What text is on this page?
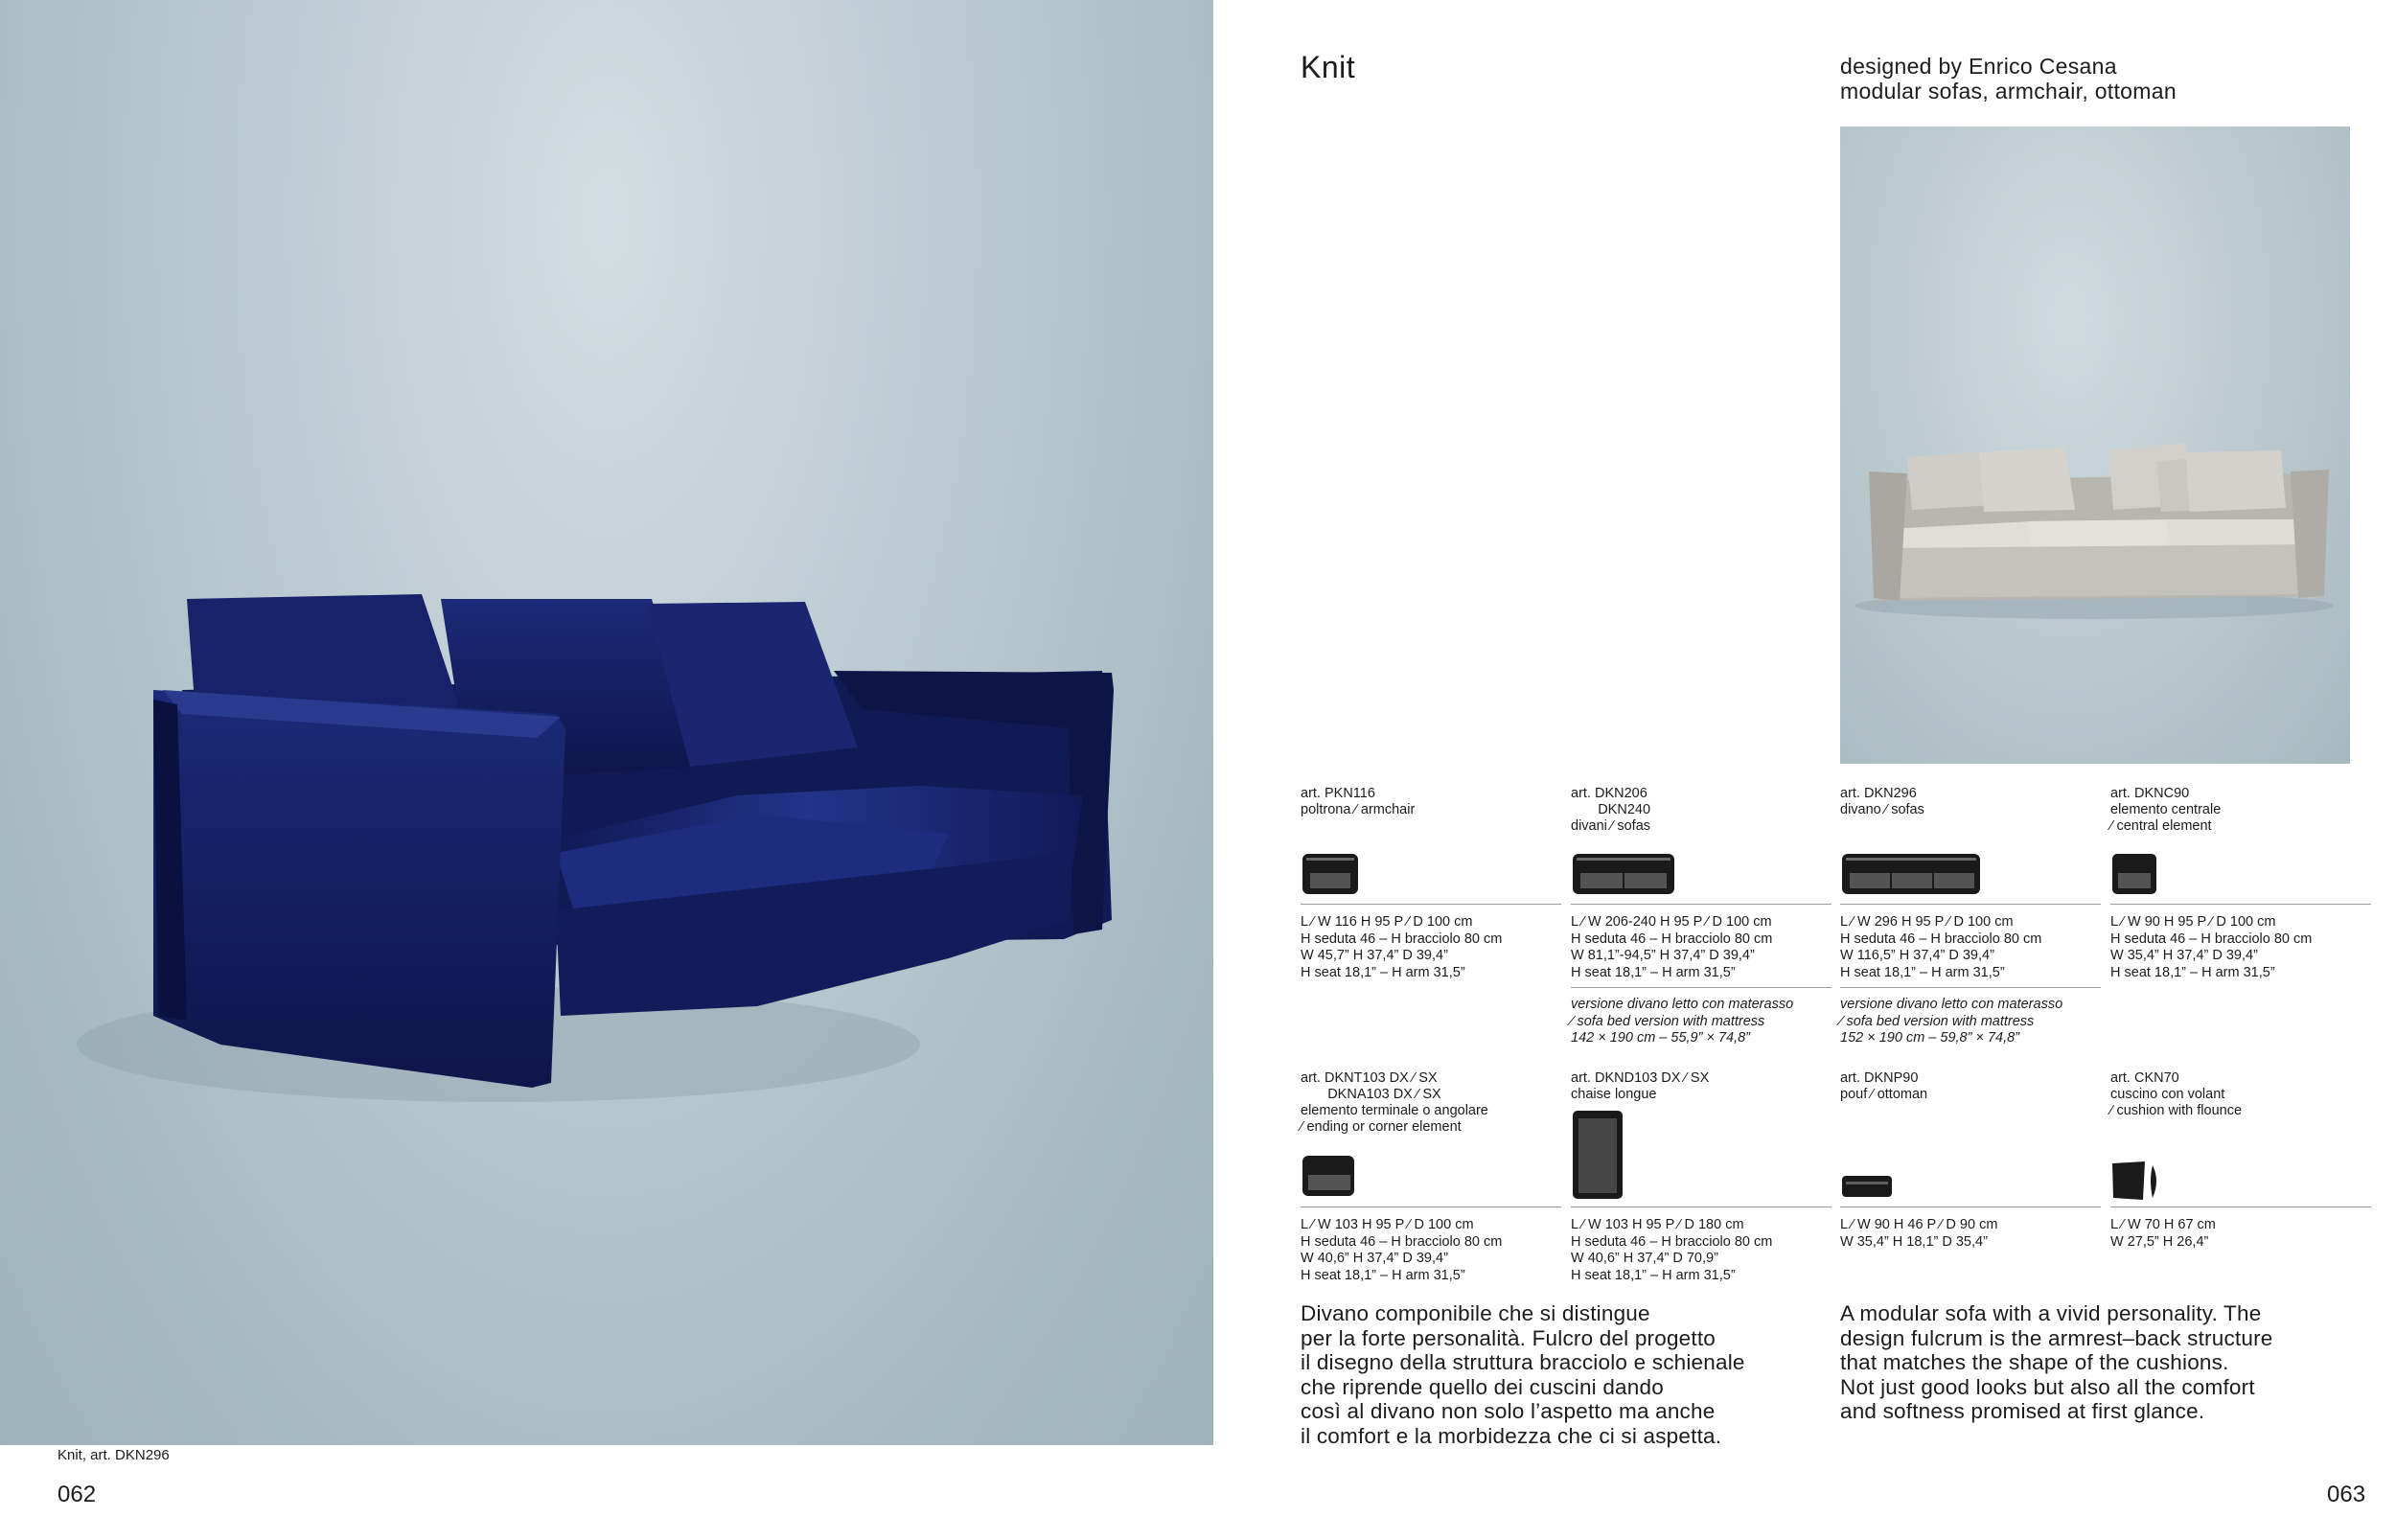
Knit, art. DKN296
062
Knit	designed by Enrico Cesana
modular sofas, armchair, ottoman
art. PKN116
poltrona ⁄ armchair
art. DKN206
DKN240
divani ⁄ sofas
art. DKN296
divano ⁄ sofas
art. DKNC90
elemento centrale
⁄ central element
L ⁄ W 116 H 95 P ⁄ D 100 cm
H seduta 46 – H bracciolo 80 cm
W 45,7” H 37,4” D 39,4”
H seat 18,1” – H arm 31,5”
L ⁄ W 206-240 H 95 P ⁄ D 100 cm
H seduta 46 – H bracciolo 80 cm
W 81,1”-94,5” H 37,4” D 39,4”
H seat 18,1” – H arm 31,5”
L ⁄ W 296 H 95 P ⁄ D 100 cm
H seduta 46 – H bracciolo 80 cm
W 116,5” H 37,4” D 39,4”
H seat 18,1” – H arm 31,5”
L ⁄ W 90 H 95 P ⁄ D 100 cm
H seduta 46 – H bracciolo 80 cm
W 35,4” H 37,4” D 39,4”
H seat 18,1” – H arm 31,5”
versione divano letto con materasso
⁄ sofa bed version with mattress
142 × 190 cm – 55,9” × 74,8”
versione divano letto con materasso
⁄ sofa bed version with mattress
152 × 190 cm – 59,8” × 74,8”
art. DKNT103 DX ⁄ SX
DKNA103 DX ⁄ SX
elemento terminale o angolare
⁄ ending or corner element
art. DKND103 DX ⁄ SX
chaise longue
art. DKNP90
pouf ⁄ ottoman
art. CKN70
cuscino con volant
⁄ cushion with flounce
L ⁄ W 103 H 95 P ⁄ D 100 cm
H seduta 46 – H bracciolo 80 cm
W 40,6” H 37,4” D 39,4”
H seat 18,1” – H arm 31,5”
L ⁄ W 103 H 95 P ⁄ D 180 cm
H seduta 46 – H bracciolo 80 cm
W 40,6” H 37,4” D 70,9”
H seat 18,1” – H arm 31,5”
L ⁄ W 90 H 46 P ⁄ D 90 cm
W 35,4” H 18,1” D 35,4”
L ⁄ W 70 H 67 cm
W 27,5” H 26,4”
Divano componibile che si distingue
per la forte personalità. Fulcro del progetto
il disegno della struttura bracciolo e schienale
che riprende quello dei cuscini dando
così al divano non solo l’aspetto ma anche
il comfort e la morbidezza che ci si aspetta.
A modular sofa with a vivid personality. The
design fulcrum is the armrest–back structure
that matches the shape of the cushions.
Not just good looks but also all the comfort
and softness promised at first glance.
063
